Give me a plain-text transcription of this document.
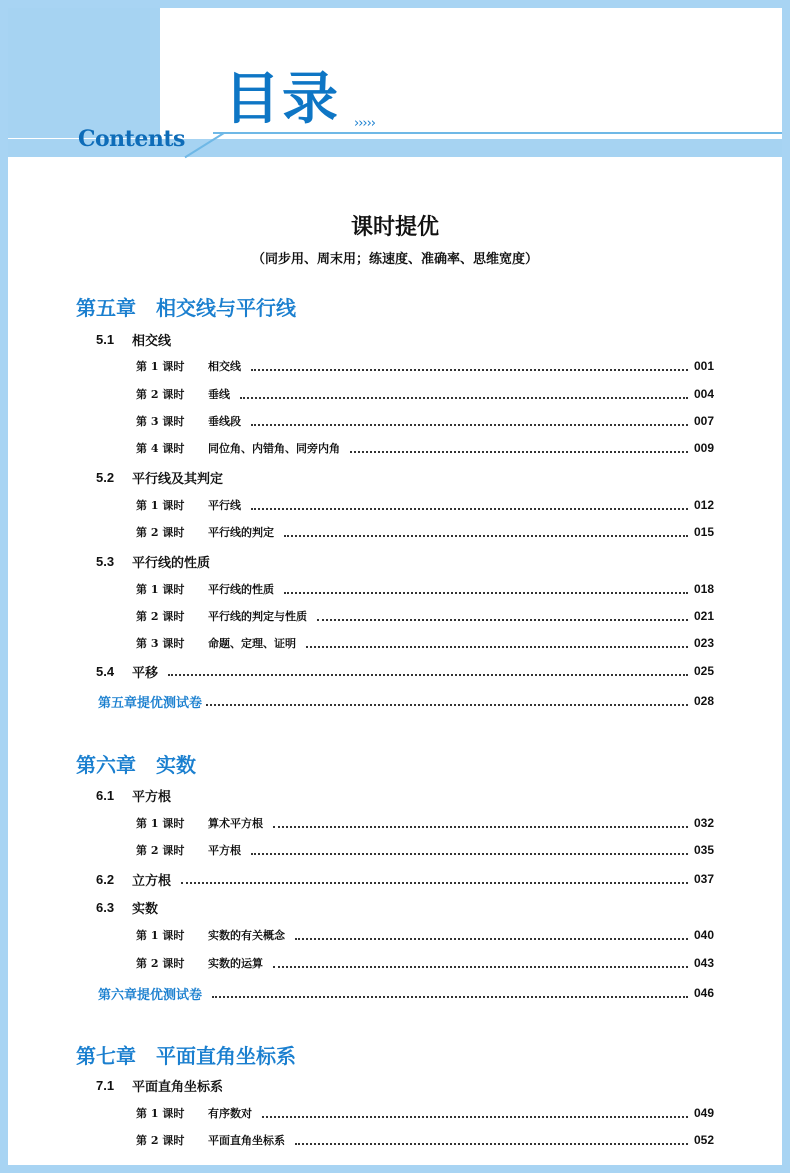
目录 ›››››
Contents
课时提优
（同步用、周末用；练速度、准确率、思维宽度）
第五章　相交线与平行线
5.1	相交线
第 1 课时	相交线	001
第 2 课时	垂线	004
第 3 课时	垂线段	007
第 4 课时	同位角、内错角、同旁内角	009
5.2	平行线及其判定
第 1 课时	平行线	012
第 2 课时	平行线的判定	015
5.3	平行线的性质
第 1 课时	平行线的性质	018
第 2 课时	平行线的判定与性质	021
第 3 课时	命题、定理、证明	023
5.4	平移	025
第五章提优测试卷	028
第六章　实数
6.1	平方根
第 1 课时	算术平方根	032
第 2 课时	平方根	035
6.2	立方根	037
6.3	实数
第 1 课时	实数的有关概念	040
第 2 课时	实数的运算	043
第六章提优测试卷	046
第七章　平面直角坐标系
7.1	平面直角坐标系
第 1 课时	有序数对	049
第 2 课时	平面直角坐标系	052
